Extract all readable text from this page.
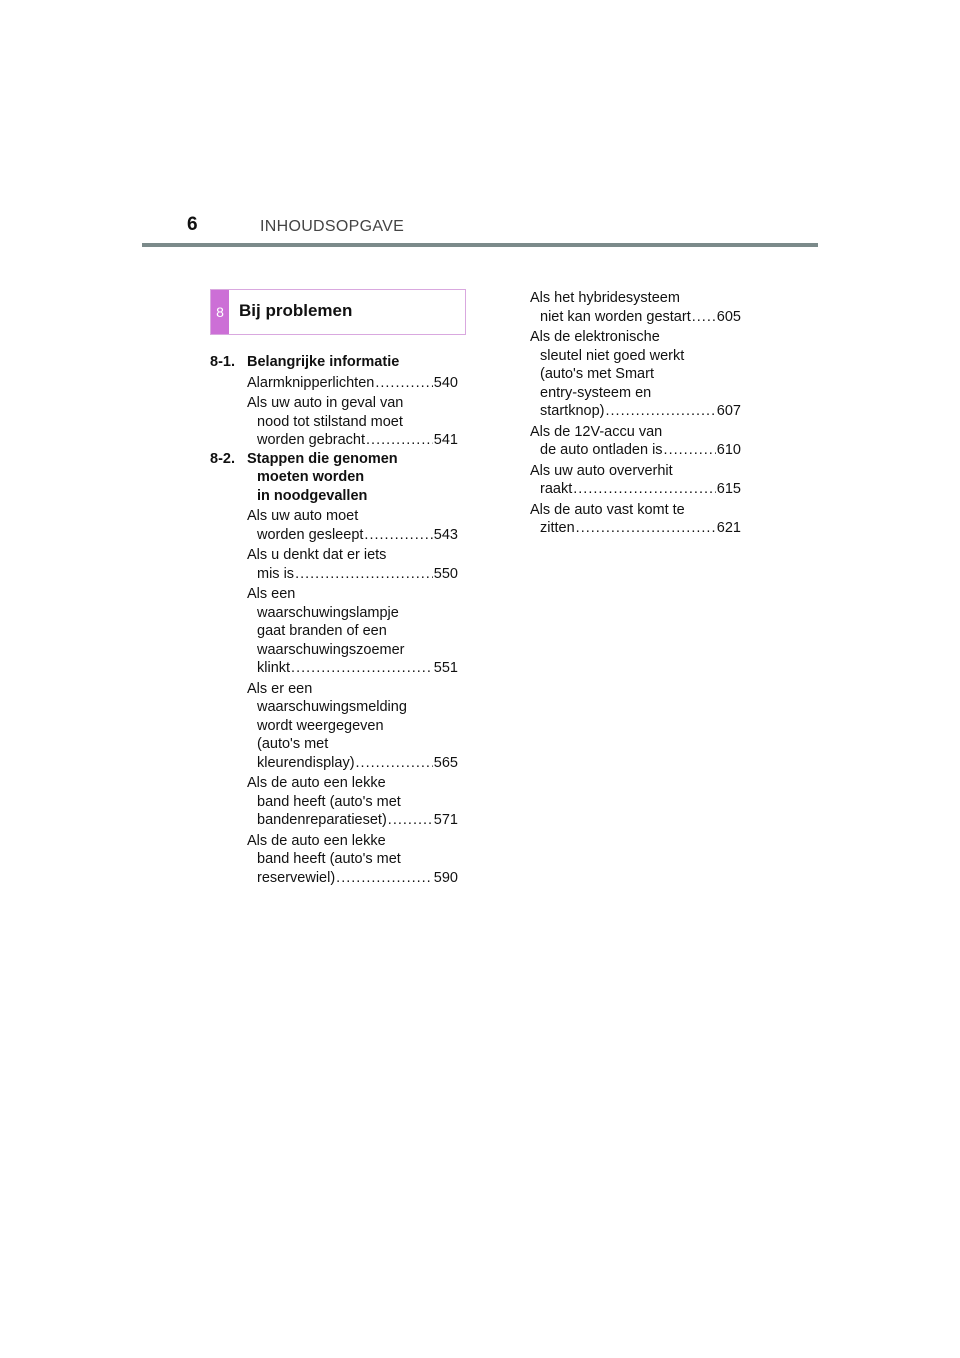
6	INHOUDSOPGAVE
8 Bij problemen
8-1. Belangrijke informatie
Alarmknipperlichten .....	540
Als uw auto in geval van
nood tot stilstand moet
worden gebracht .....	541
8-2. Stappen die genomen
moeten worden
in noodgevallen
Als uw auto moet
worden gesleept .....	543
Als u denkt dat er iets
mis is .....	550
Als een
waarschuwingslampje
gaat branden of een
waarschuwingszoemer
klinkt .....	551
Als er een
waarschuwingsmelding
wordt weergegeven
(auto's met
kleurendisplay) .....	565
Als de auto een lekke
band heeft (auto's met
bandenreparatieset) .....	571
Als de auto een lekke
band heeft (auto's met
reservewiel) .....	590
Als het hybridesysteem
niet kan worden gestart ..... 605
Als de elektronische
sleutel niet goed werkt
(auto's met Smart
entry-systeem en
startknop) .....	607
Als de 12V-accu van
de auto ontladen is .....	610
Als uw auto oververhit
raakt .....	615
Als de auto vast komt te
zitten .....	621
